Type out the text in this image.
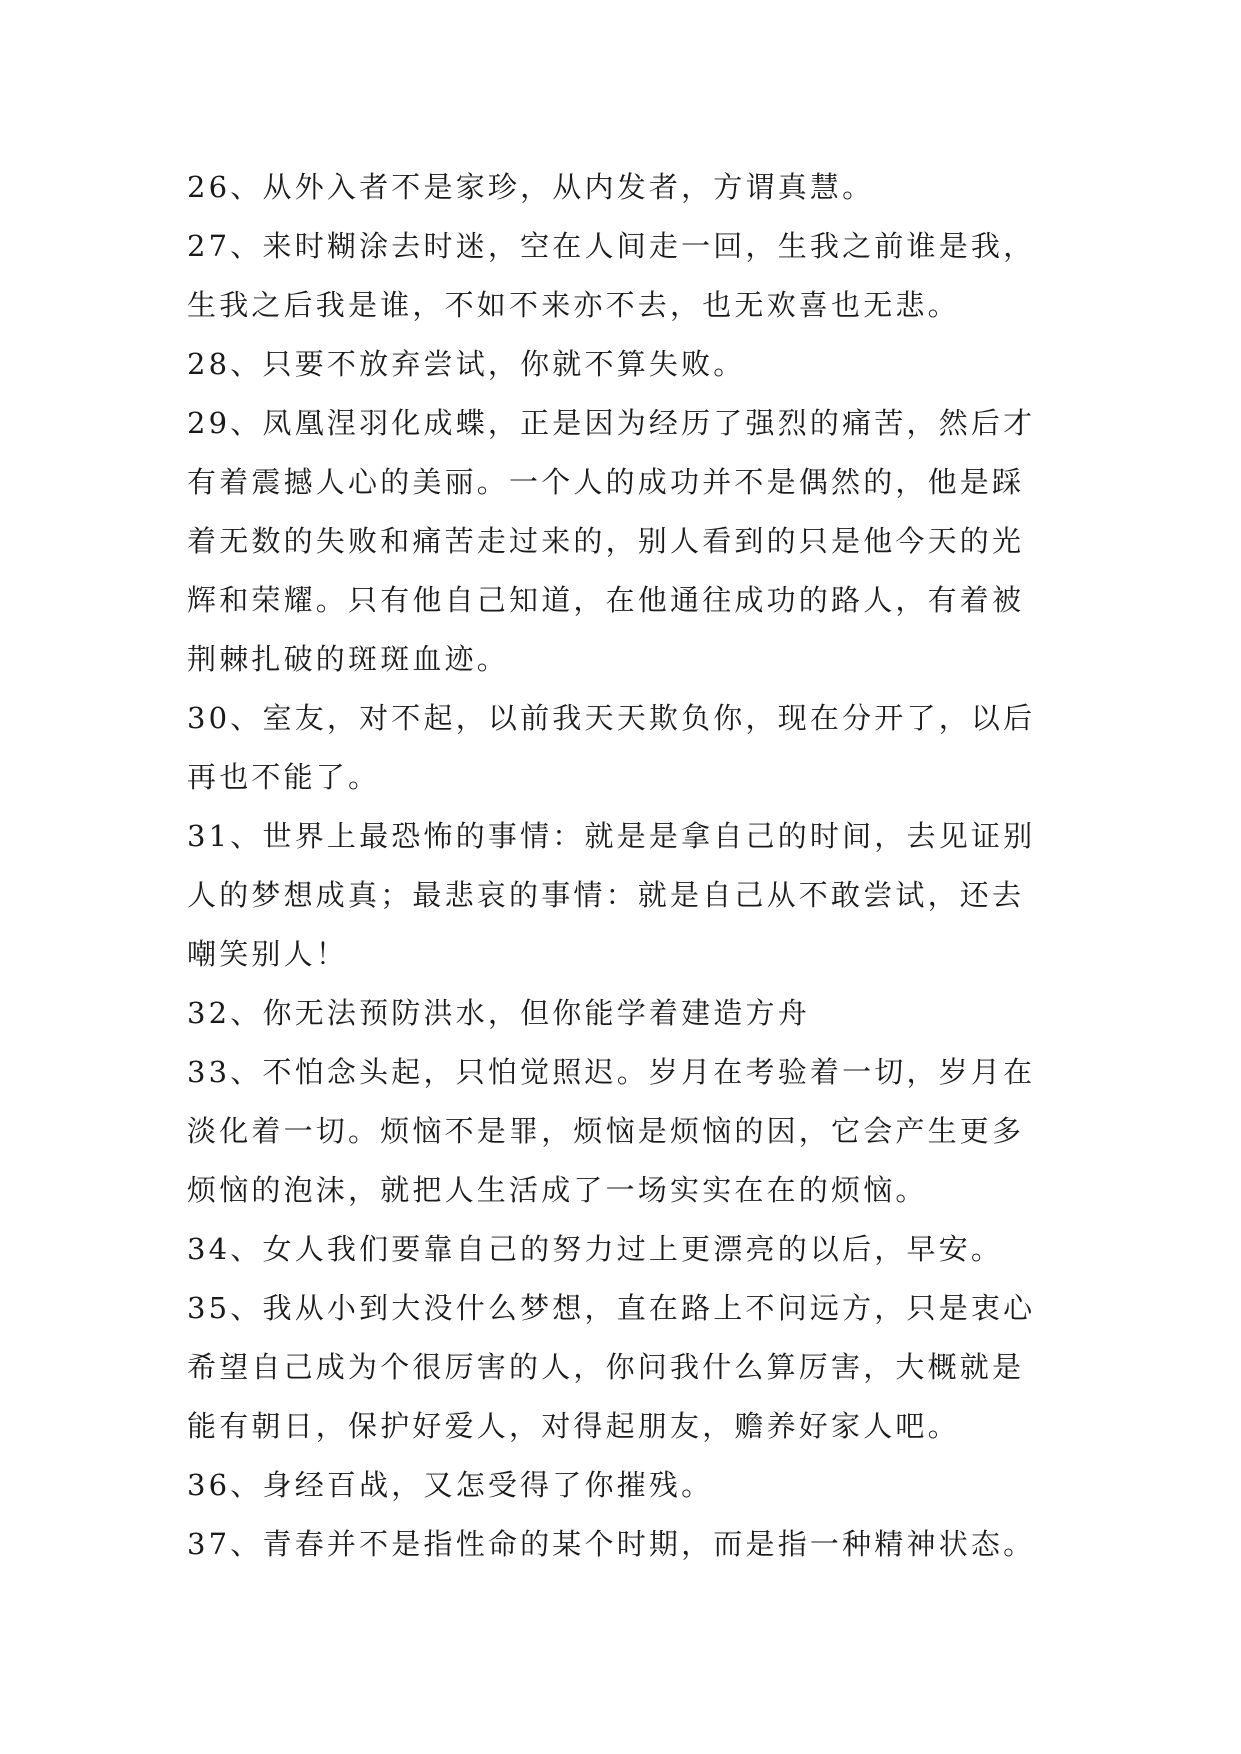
26、从外入者不是家珍，从内发者，方谓真慧。
27、来时糊涂去时迷，空在人间走一回，生我之前谁是我，
生我之后我是谁，不如不来亦不去，也无欢喜也无悲。
28、只要不放弃尝试，你就不算失败。
29、凤凰涅羽化成蝶，正是因为经历了强烈的痛苦，然后才
有着震撼人心的美丽。一个人的成功并不是偶然的，他是踩
着无数的失败和痛苦走过来的，别人看到的只是他今天的光
辉和荣耀。只有他自己知道，在他通往成功的路人，有着被
荆棘扎破的斑斑血迹。
30、室友，对不起，以前我天天欺负你，现在分开了，以后
再也不能了。
31、世界上最恐怖的事情：就是是拿自己的时间，去见证别
人的梦想成真；最悲哀的事情：就是自己从不敢尝试，还去
嘲笑别人！
32、你无法预防洪水，但你能学着建造方舟
33、不怕念头起，只怕觉照迟。岁月在考验着一切，岁月在
淡化着一切。烦恼不是罪，烦恼是烦恼的因，它会产生更多
烦恼的泡沫，就把人生活成了一场实实在在的烦恼。
34、女人我们要靠自己的努力过上更漂亮的以后，早安。
35、我从小到大没什么梦想，直在路上不问远方，只是衷心
希望自己成为个很厉害的人，你问我什么算厉害，大概就是
能有朝日，保护好爱人，对得起朋友，赡养好家人吧。
36、身经百战，又怎受得了你摧残。
37、青春并不是指性命的某个时期，而是指一种精神状态。
